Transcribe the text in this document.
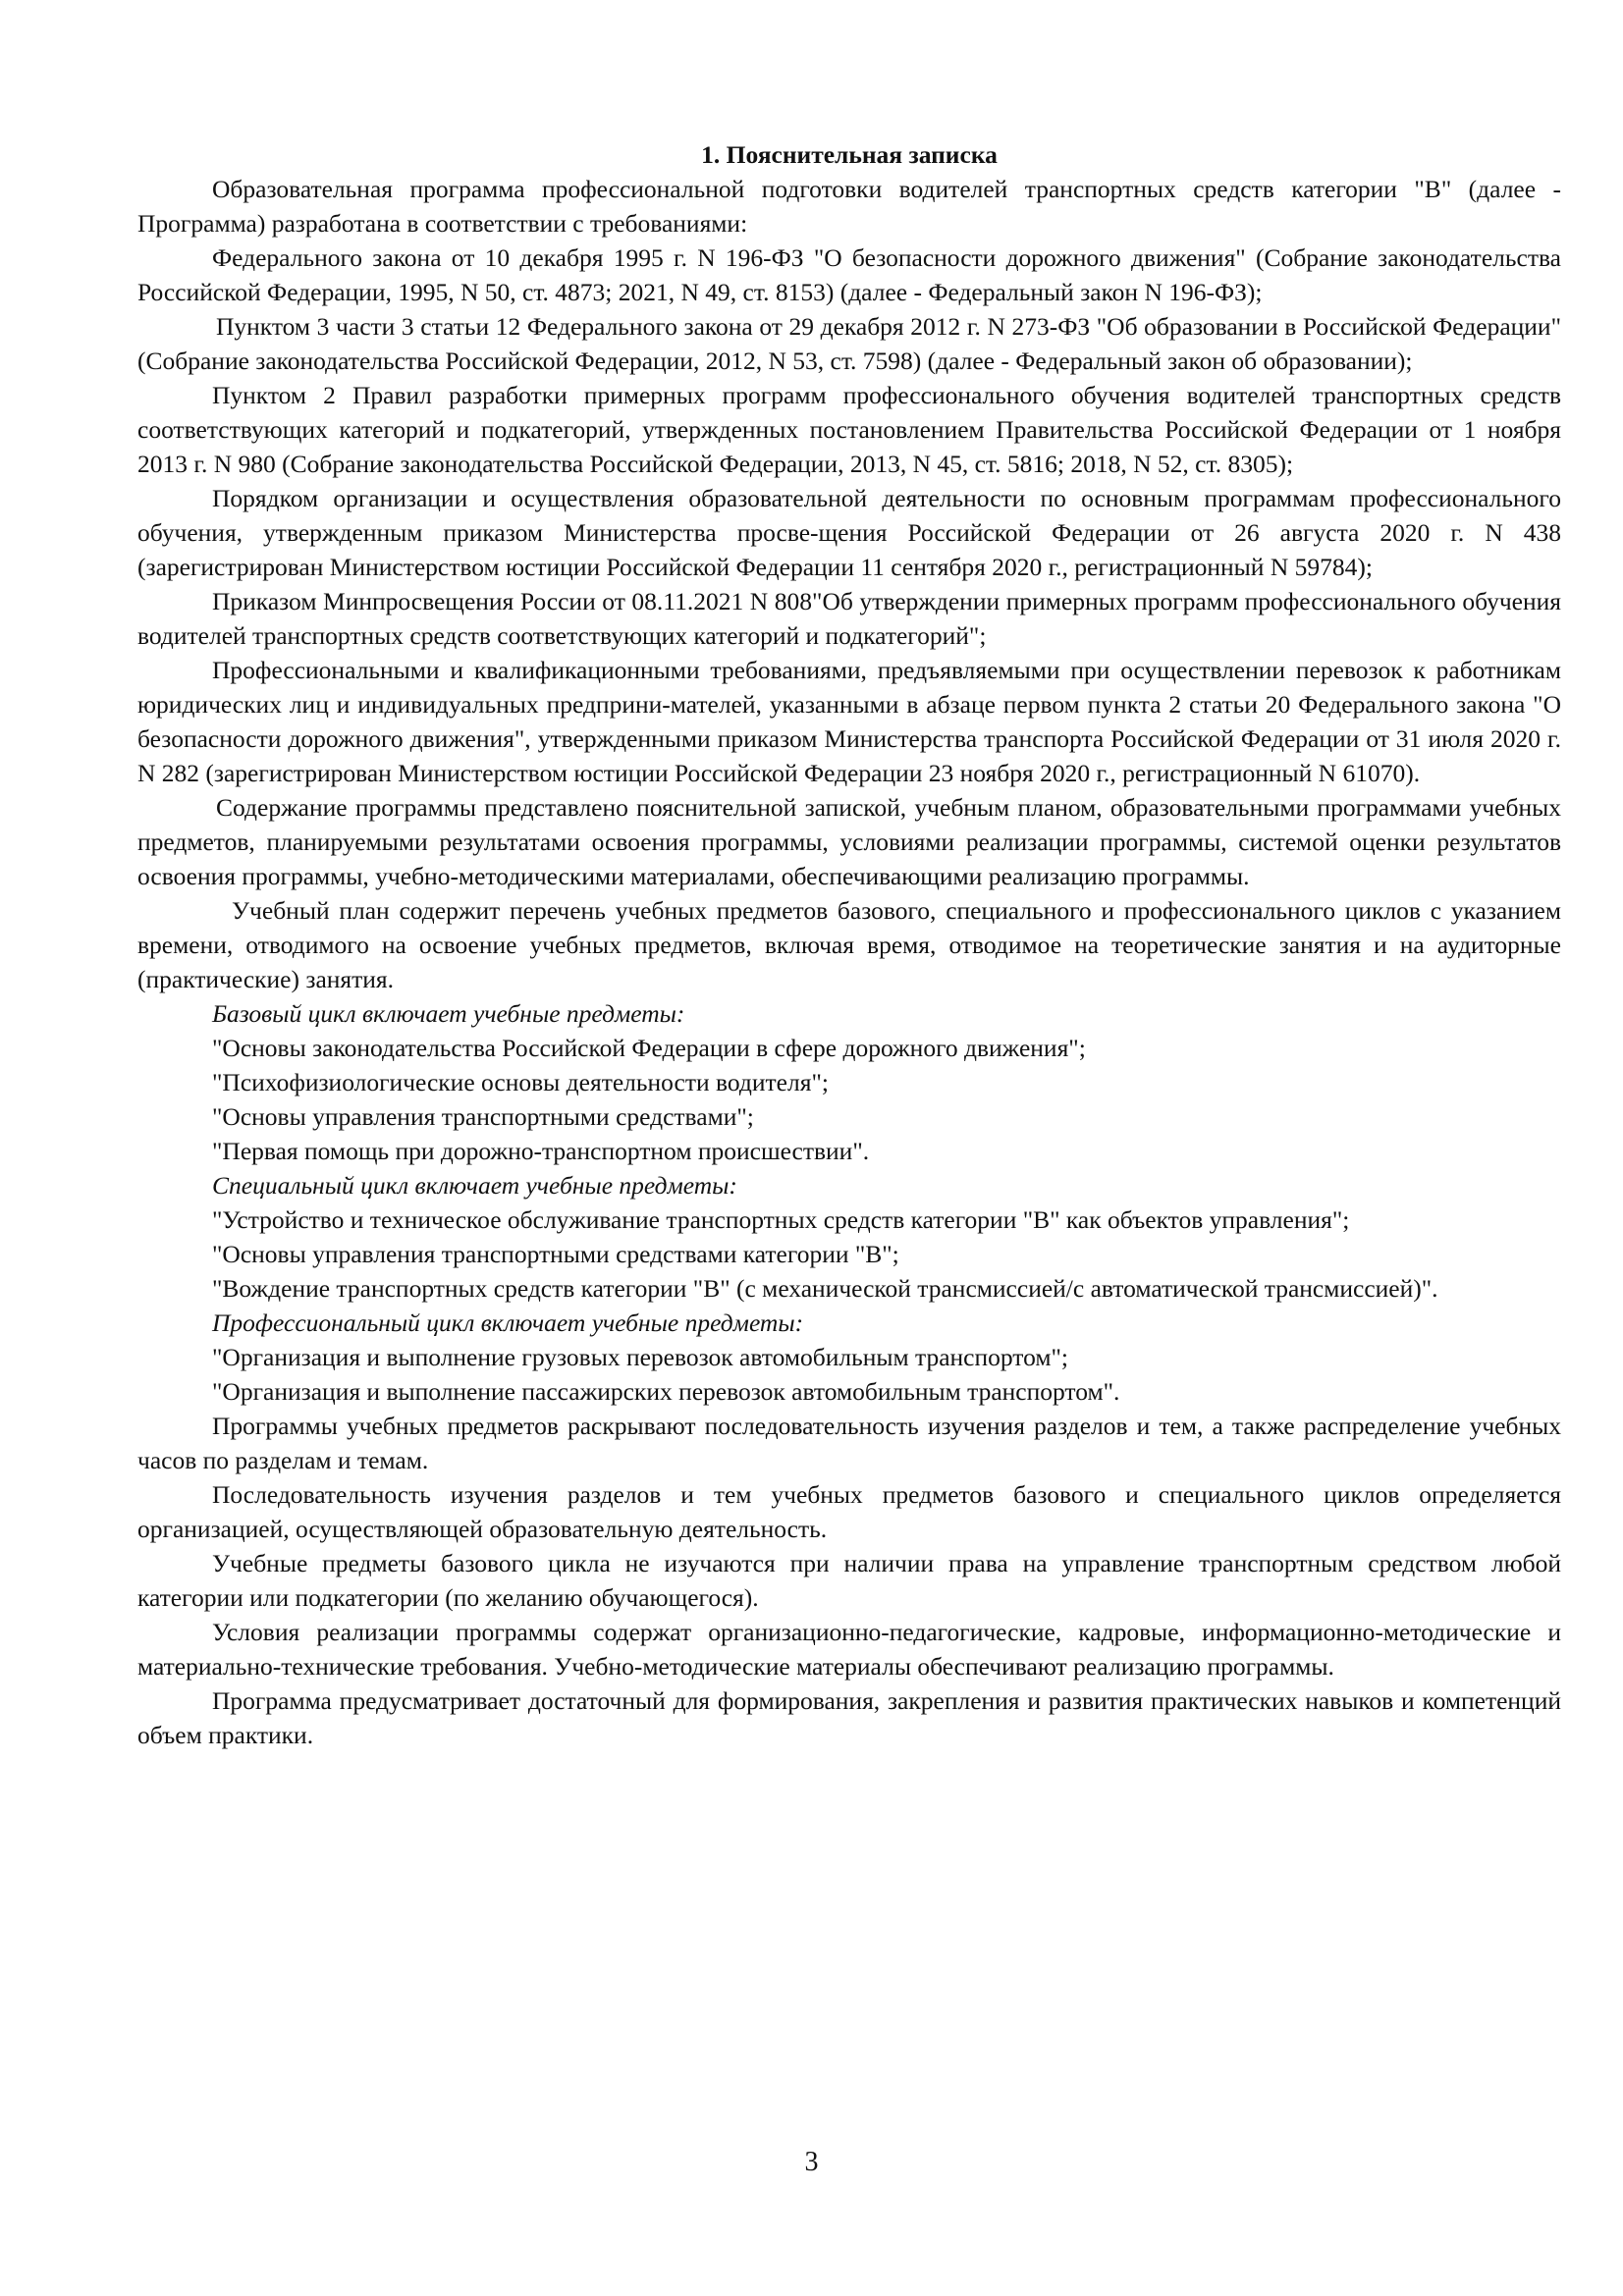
1. Пояснительная записка

Образовательная программа профессиональной подготовки водителей транспортных средств категории "B" (далее - Программа) разработана в соответствии с требованиями:

Федерального закона от 10 декабря 1995 г. N 196-ФЗ "О безопасности дорожного движения" (Собрание законодательства Российской Федерации, 1995, N 50, ст. 4873; 2021, N 49, ст. 8153) (далее - Федеральный закон N 196-ФЗ);

Пунктом 3 части 3 статьи 12 Федерального закона от 29 декабря 2012 г. N 273-ФЗ "Об образовании в Российской Федерации" (Собрание законодательства Российской Федерации, 2012, N 53, ст. 7598) (далее - Федеральный закон об образовании);

Пунктом 2 Правил разработки примерных программ профессионального обучения водителей транспортных средств соответствующих категорий и подкатегорий, утвержденных постановлением Правительства Российской Федерации от 1 ноября 2013 г. N 980 (Собрание законодательства Российской Федерации, 2013, N 45, ст. 5816; 2018, N 52, ст. 8305);

Порядком организации и осуществления образовательной деятельности по основным программам профессионального обучения, утвержденным приказом Министерства просве-щения Российской Федерации от 26 августа 2020 г. N 438 (зарегистрирован Министерством юстиции Российской Федерации 11 сентября 2020 г., регистрационный N 59784);

Приказом Минпросвещения России от 08.11.2021 N 808"Об утверждении примерных программ профессионального обучения водителей транспортных средств соответствующих категорий и подкатегорий";

Профессиональными и квалификационными требованиями, предъявляемыми при осуществлении перевозок к работникам юридических лиц и индивидуальных предприни-мателей, указанными в абзаце первом пункта 2 статьи 20 Федерального закона "О безопасности дорожного движения", утвержденными приказом Министерства транспорта Российской Федерации от 31 июля 2020 г. N 282 (зарегистрирован Министерством юстиции Российской Федерации 23 ноября 2020 г., регистрационный N 61070).

Содержание программы представлено пояснительной запиской, учебным планом, образовательными программами учебных предметов, планируемыми результатами освоения программы, условиями реализации программы, системой оценки результатов освоения программы, учебно-методическими материалами, обеспечивающими реализацию программы.

Учебный план содержит перечень учебных предметов базового, специального и профессионального циклов с указанием времени, отводимого на освоение учебных предметов, включая время, отводимое на теоретические занятия и на аудиторные (практические) занятия.

Базовый цикл включает учебные предметы:

"Основы законодательства Российской Федерации в сфере дорожного движения";

"Психофизиологические основы деятельности водителя";

"Основы управления транспортными средствами";

"Первая помощь при дорожно-транспортном происшествии".

Специальный цикл включает учебные предметы:

"Устройство и техническое обслуживание транспортных средств категории "B" как объектов управления";

"Основы управления транспортными средствами категории "B";

"Вождение транспортных средств категории "B" (с механической трансмиссией/с автоматической трансмиссией)".

Профессиональный цикл включает учебные предметы:

"Организация и выполнение грузовых перевозок автомобильным транспортом";

"Организация и выполнение пассажирских перевозок автомобильным транспортом".

Программы учебных предметов раскрывают последовательность изучения разделов и тем, а также распределение учебных часов по разделам и темам.

Последовательность изучения разделов и тем учебных предметов базового и специального циклов определяется организацией, осуществляющей образовательную деятельность.

Учебные предметы базового цикла не изучаются при наличии права на управление транспортным средством любой категории или подкатегории (по желанию обучающегося).

Условия реализации программы содержат организационно-педагогические, кадровые, информационно-методические и материально-технические требования. Учебно-методические материалы обеспечивают реализацию программы.

Программа предусматривает достаточный для формирования, закрепления и развития практических навыков и компетенций объем практики.

3
